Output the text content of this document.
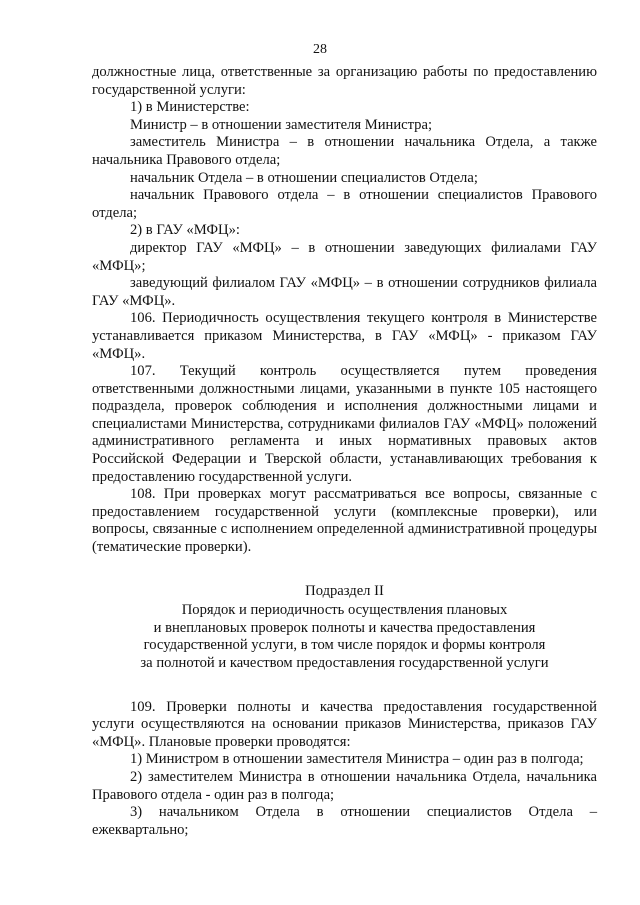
28

должностные лица, ответственные за организацию работы по предоставлению государственной услуги:

1) в Министерстве:

Министр – в отношении заместителя Министра;

заместитель Министра – в отношении начальника Отдела, а также начальника Правового отдела;

начальник Отдела – в отношении специалистов Отдела;

начальник Правового отдела – в отношении специалистов Правового отдела;

2) в ГАУ «МФЦ»:

директор ГАУ «МФЦ» – в отношении заведующих филиалами ГАУ «МФЦ»;

заведующий филиалом ГАУ «МФЦ» – в отношении сотрудников филиала ГАУ «МФЦ».

106. Периодичность осуществления текущего контроля в Министерстве устанавливается приказом Министерства, в ГАУ «МФЦ» - приказом ГАУ «МФЦ».

107. Текущий контроль осуществляется путем проведения ответственными должностными лицами, указанными в пункте 105 настоящего подраздела, проверок соблюдения и исполнения должностными лицами и специалистами Министерства, сотрудниками филиалов ГАУ «МФЦ» положений административного регламента и иных нормативных правовых актов Российской Федерации и Тверской области, устанавливающих требования к предоставлению государственной услуги.

108. При проверках могут рассматриваться все вопросы, связанные с предоставлением государственной услуги (комплексные проверки), или вопросы, связанные с исполнением определенной административной процедуры (тематические проверки).

Подраздел II

Порядок и периодичность осуществления плановых

и внеплановых проверок полноты и качества предоставления

государственной услуги, в том числе порядок и формы контроля

за полнотой и качеством предоставления государственной услуги

109. Проверки полноты и качества предоставления государственной услуги осуществляются на основании приказов Министерства, приказов ГАУ «МФЦ». Плановые проверки проводятся:

1) Министром в отношении заместителя Министра – один раз в полгода;

2) заместителем Министра в отношении начальника Отдела, начальника Правового отдела - один раз в полгода;

3) начальником Отдела в отношении специалистов Отдела – ежеквартально;
